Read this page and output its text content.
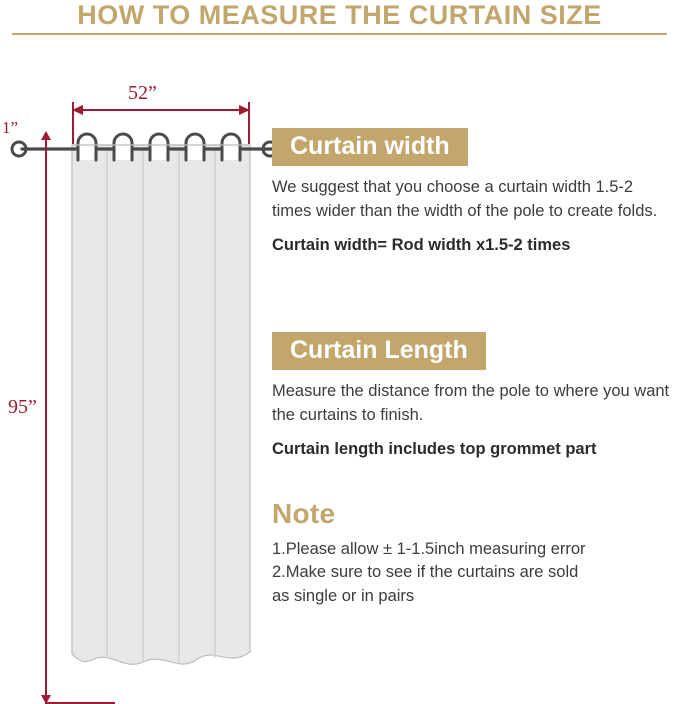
HOW TO MEASURE THE CURTAIN SIZE
52”
1”
95”
Curtain width
We suggest that you choose a curtain width 1.5-2 times wider than the width of the pole to create folds.
Curtain width= Rod width x1.5-2 times
Curtain Length
Measure the distance from the pole to where you want the curtains to finish.
Curtain length includes top grommet part
Note
1.Please allow ± 1-1.5inch measuring error
2.Make sure to see if the curtains are sold
as single or in pairs
